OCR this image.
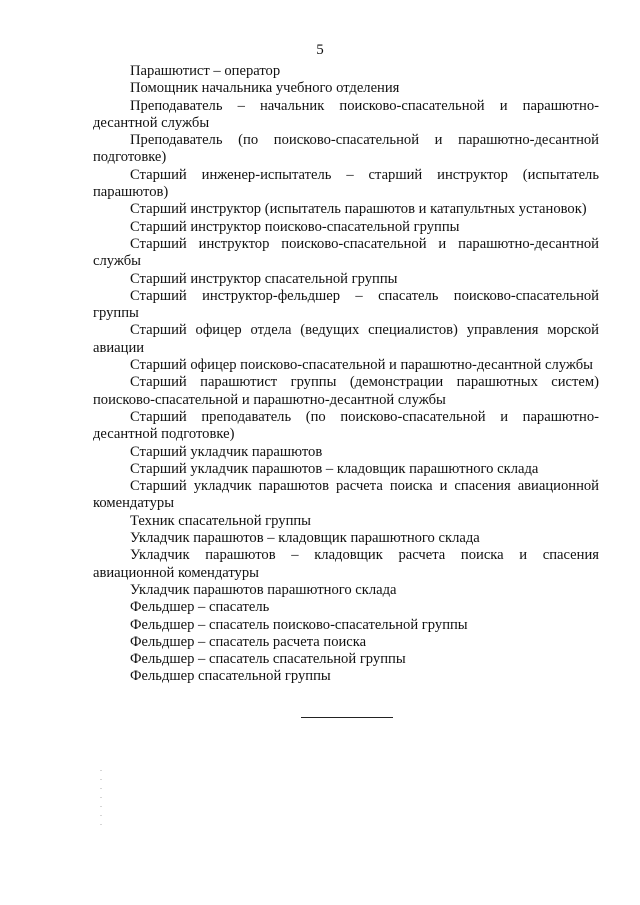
5

Парашютист – оператор

Помощник начальника учебного отделения

Преподаватель – начальник поисково-спасательной и парашютно-десантной службы

Преподаватель (по поисково-спасательной и парашютно-десантной подготовке)

Старший инженер-испытатель – старший инструктор (испытатель парашютов)

Старший инструктор (испытатель парашютов и катапультных установок)

Старший инструктор поисково-спасательной группы

Старший инструктор поисково-спасательной и парашютно-десантной службы

Старший инструктор спасательной группы

Старший инструктор-фельдшер – спасатель поисково-спасательной группы

Старший офицер отдела (ведущих специалистов) управления морской авиации

Старший офицер поисково-спасательной и парашютно-десантной службы

Старший парашютист группы (демонстрации парашютных систем) поисково-спасательной и парашютно-десантной службы

Старший преподаватель (по поисково-спасательной и парашютно-десантной подготовке)

Старший укладчик парашютов

Старший укладчик парашютов – кладовщик парашютного склада

Старший укладчик парашютов расчета поиска и спасения авиационной комендатуры

Техник спасательной группы

Укладчик парашютов – кладовщик парашютного склада

Укладчик парашютов – кладовщик расчета поиска и спасения авиационной комендатуры

Укладчик парашютов парашютного склада

Фельдшер – спасатель

Фельдшер – спасатель поисково-спасательной группы

Фельдшер – спасатель расчета поиска

Фельдшер – спасатель спасательной группы

Фельдшер спасательной группы
